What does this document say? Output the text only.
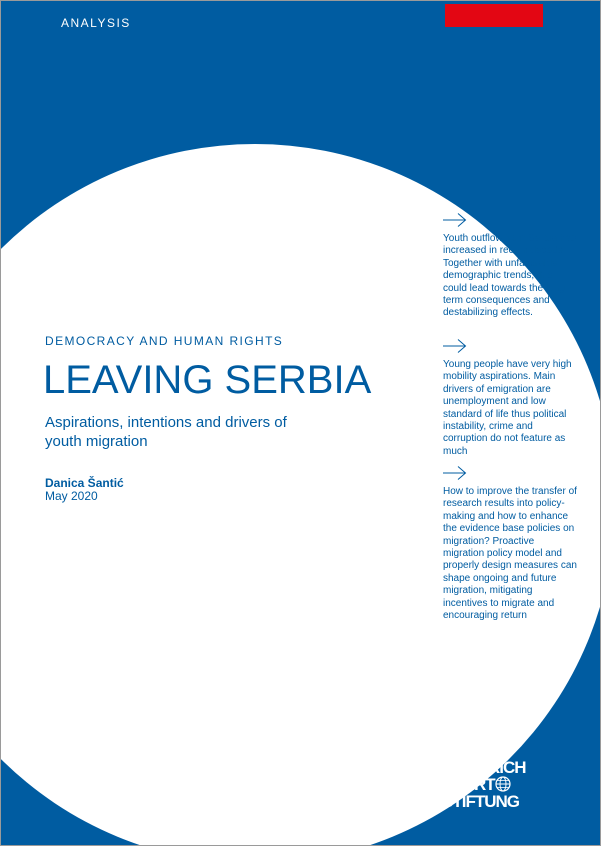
ANALYSIS
DEMOCRACY AND HUMAN RIGHTS
LEAVING SERBIA
Aspirations, intentions and drivers of youth migration
Danica Šantić
May 2020

Youth outflow from Serbia has increased in recent decade. Together with unfavorable demographic trends, this could lead towards the long term consequences and destabilizing effects.

Young people have very high mobility aspirations. Main drivers of emigration are unemployment and low standard of life thus political instability, crime and corruption do not feature as much

How to improve the transfer of research results into policy-making and how to enhance the evidence base policies on migration? Proactive migration policy model and properly design measures can shape ongoing and future migration, mitigating incentives to migrate and encouraging return

FRIEDRICH
EBERT
STIFTUNG
